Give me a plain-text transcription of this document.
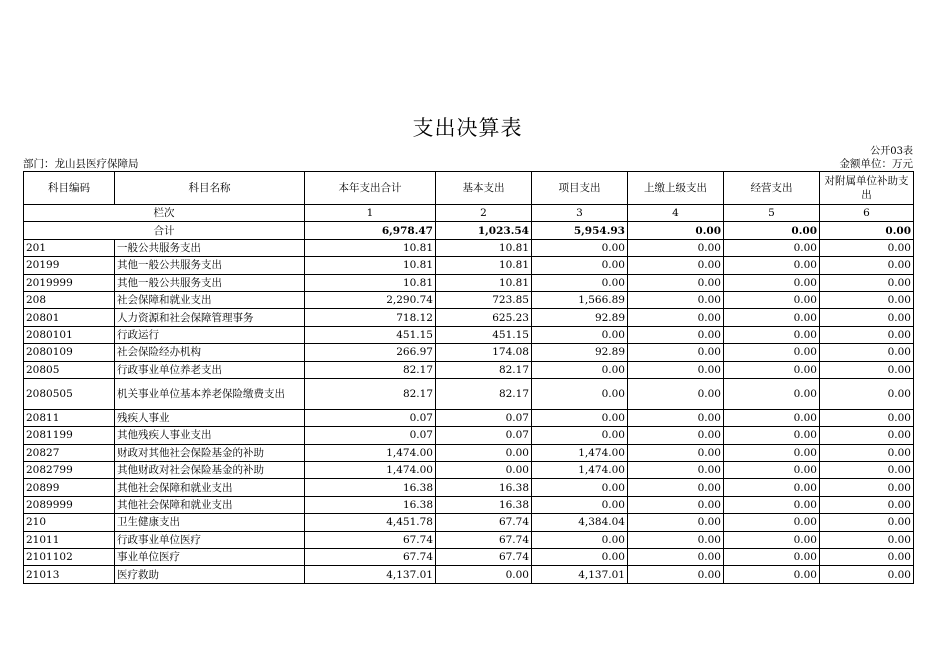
支出决算表
公开03表
部门：龙山县医疗保障局	金额单位：万元
科目编码	科目名称	本年支出合计	基本支出	项目支出	上缴上级支出	经营支出	对附属单位补助支出
栏次		1	2	3	4	5	6
合计		6,978.47	1,023.54	5,954.93	0.00	0.00	0.00
201	一般公共服务支出	10.81	10.81	0.00	0.00	0.00	0.00
20199	其他一般公共服务支出	10.81	10.81	0.00	0.00	0.00	0.00
2019999	其他一般公共服务支出	10.81	10.81	0.00	0.00	0.00	0.00
208	社会保障和就业支出	2,290.74	723.85	1,566.89	0.00	0.00	0.00
20801	人力资源和社会保障管理事务	718.12	625.23	92.89	0.00	0.00	0.00
2080101	行政运行	451.15	451.15	0.00	0.00	0.00	0.00
2080109	社会保险经办机构	266.97	174.08	92.89	0.00	0.00	0.00
20805	行政事业单位养老支出	82.17	82.17	0.00	0.00	0.00	0.00
2080505	机关事业单位基本养老保险缴费支出	82.17	82.17	0.00	0.00	0.00	0.00
20811	残疾人事业	0.07	0.07	0.00	0.00	0.00	0.00
2081199	其他残疾人事业支出	0.07	0.07	0.00	0.00	0.00	0.00
20827	财政对其他社会保险基金的补助	1,474.00	0.00	1,474.00	0.00	0.00	0.00
2082799	其他财政对社会保险基金的补助	1,474.00	0.00	1,474.00	0.00	0.00	0.00
20899	其他社会保障和就业支出	16.38	16.38	0.00	0.00	0.00	0.00
2089999	其他社会保障和就业支出	16.38	16.38	0.00	0.00	0.00	0.00
210	卫生健康支出	4,451.78	67.74	4,384.04	0.00	0.00	0.00
21011	行政事业单位医疗	67.74	67.74	0.00	0.00	0.00	0.00
2101102	事业单位医疗	67.74	67.74	0.00	0.00	0.00	0.00
21013	医疗救助	4,137.01	0.00	4,137.01	0.00	0.00	0.00
